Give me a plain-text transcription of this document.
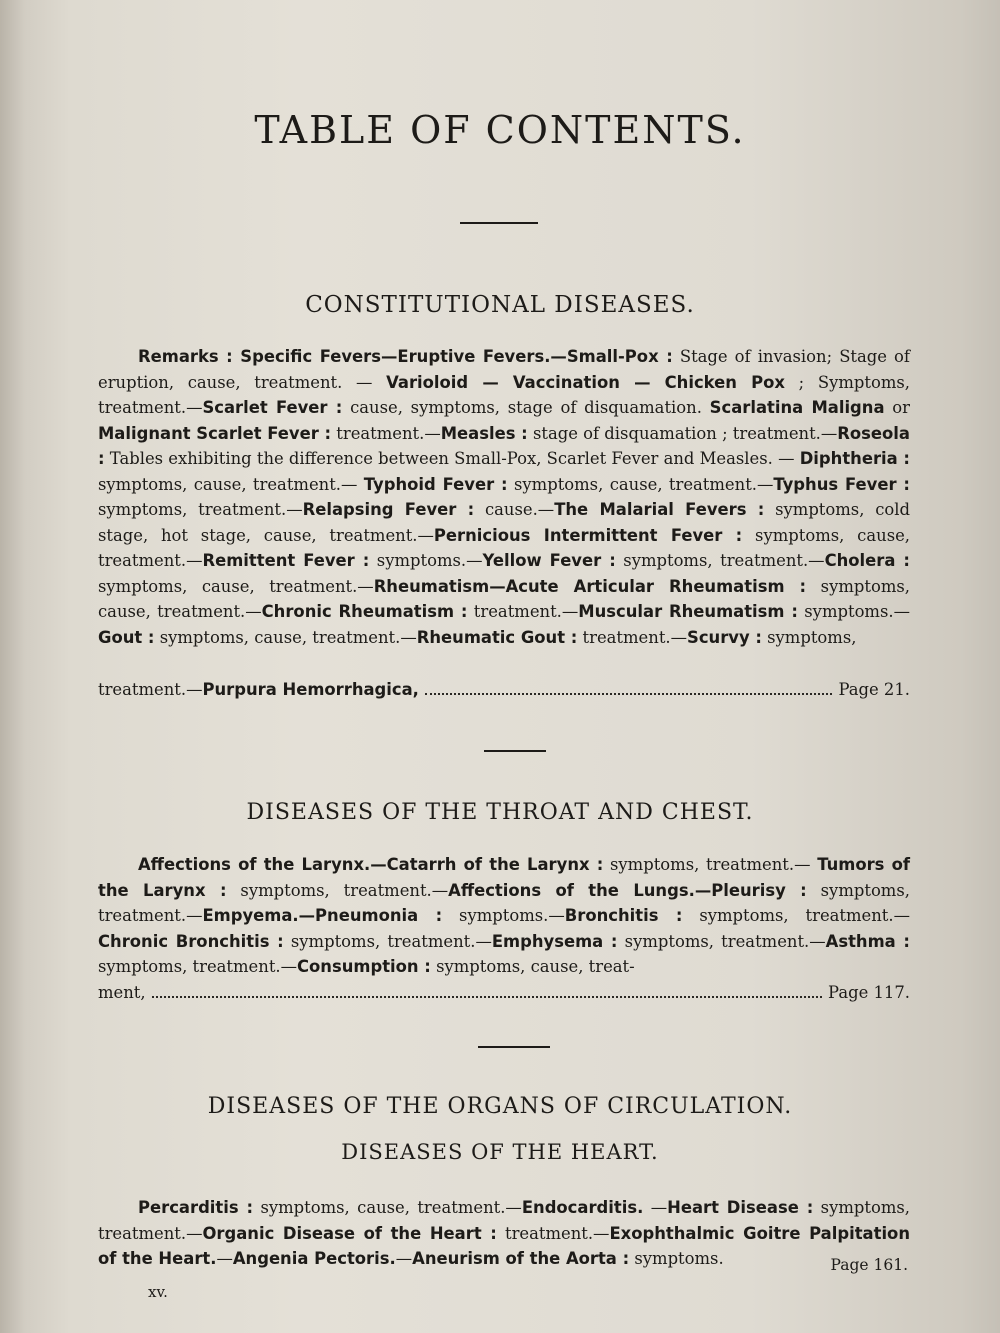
TABLE OF CONTENTS.
CONSTITUTIONAL DISEASES.

Remarks : Specific Fevers—Eruptive Fevers.—Small-Pox : Stage of invasion; Stage of eruption, cause, treatment. — Varioloid — Vaccination — Chicken Pox ; Symptoms, treatment.—Scarlet Fever : cause, symptoms, stage of disquamation. Scarlatina Maligna or Malignant Scarlet Fever : treatment.—Measles : stage of disquamation ; treatment.—Roseola : Tables exhibiting the difference between Small-Pox, Scarlet Fever and Measles. — Diphtheria : symptoms, cause, treatment.— Typhoid Fever : symptoms, cause, treatment.—Typhus Fever : symptoms, treatment.—Relapsing Fever : cause.—The Malarial Fevers : symptoms, cold stage, hot stage, cause, treatment.—Pernicious Intermittent Fever : symptoms, cause, treatment.—Remittent Fever : symptoms.—Yellow Fever : symptoms, treatment.—Cholera : symptoms, cause, treatment.—Rheumatism—Acute Articular Rheumatism : symptoms, cause, treatment.—Chronic Rheumatism : treatment.—Muscular Rheumatism : symptoms.— Gout : symptoms, cause, treatment.—Rheumatic Gout : treatment.—Scurvy : symptoms,

treatment.—Purpura Hemorrhagica,	Page 21.
DISEASES OF THE THROAT AND CHEST.

Affections of the Larynx.—Catarrh of the Larynx : symptoms, treatment.— Tumors of the Larynx : symptoms, treatment.—Affections of the Lungs.—Pleurisy : symptoms, treatment.—Empyema.—Pneumonia : symptoms.—Bronchitis : symptoms, treatment.—Chronic Bronchitis : symptoms, treatment.—Emphysema : symptoms, treatment.—Asthma : symptoms, treatment.—Consumption : symptoms, cause, treat-

ment,	Page 117.
DISEASES OF THE ORGANS OF CIRCULATION.
DISEASES OF THE HEART.

Percarditis : symptoms, cause, treatment.—Endocarditis. —Heart Disease : symptoms, treatment.—Organic Disease of the Heart : treatment.—Exophthalmic Goitre Palpitation of the Heart.—Angenia Pectoris.—Aneurism of the Aorta : symptoms.	Page 161.
xv.
